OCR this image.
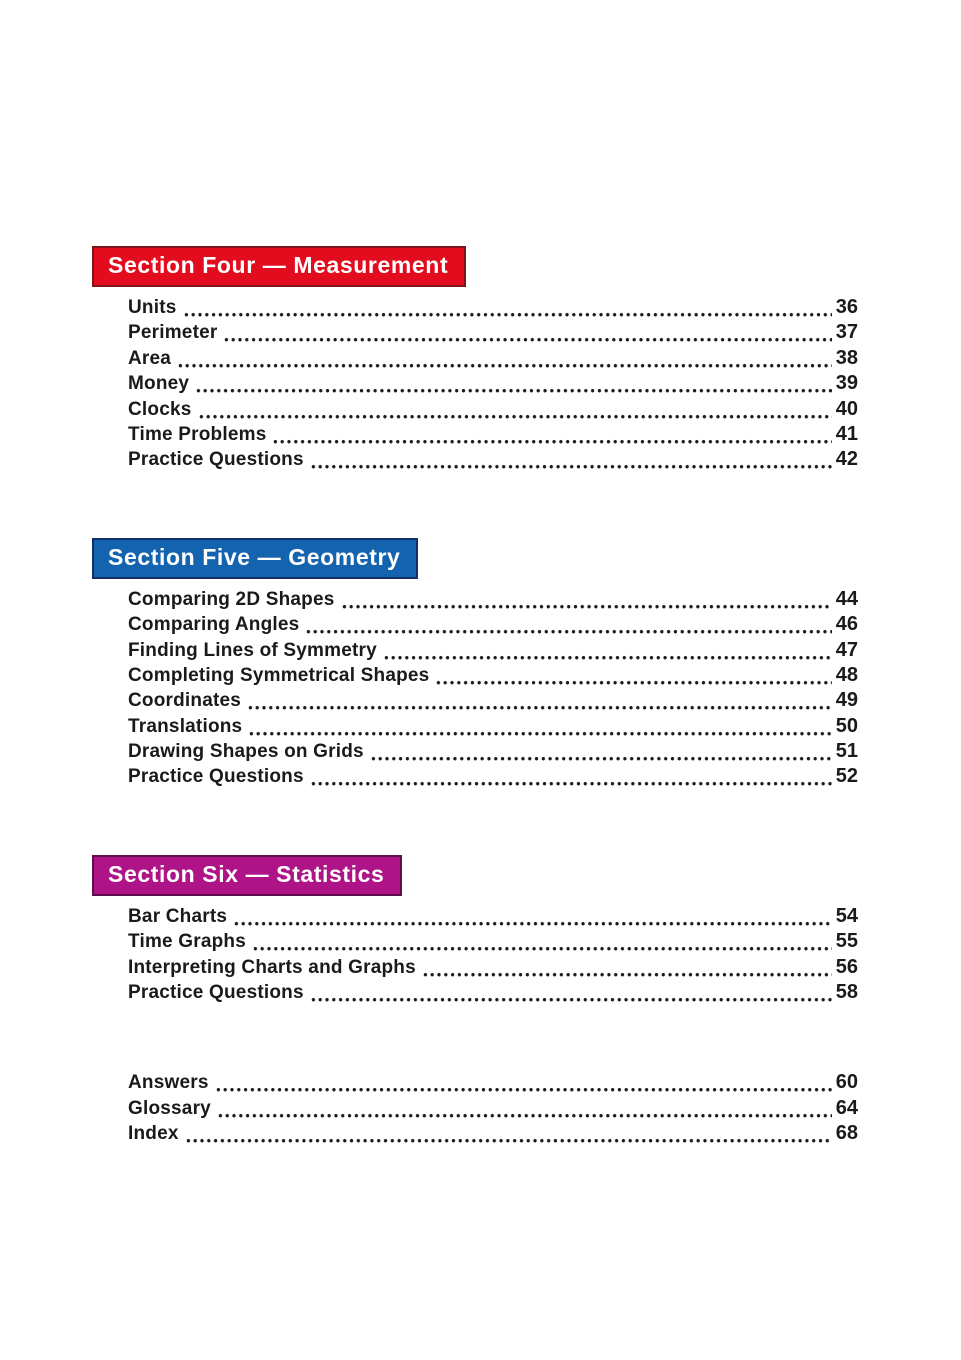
Section Four — Measurement
Units	36
Perimeter	37
Area	38
Money	39
Clocks	40
Time Problems	41
Practice Questions	42
Section Five — Geometry
Comparing 2D Shapes	44
Comparing Angles	46
Finding Lines of Symmetry	47
Completing Symmetrical Shapes	48
Coordinates	49
Translations	50
Drawing Shapes on Grids	51
Practice Questions	52
Section Six — Statistics
Bar Charts	54
Time Graphs	55
Interpreting Charts and Graphs	56
Practice Questions	58
Answers	60
Glossary	64
Index	68
